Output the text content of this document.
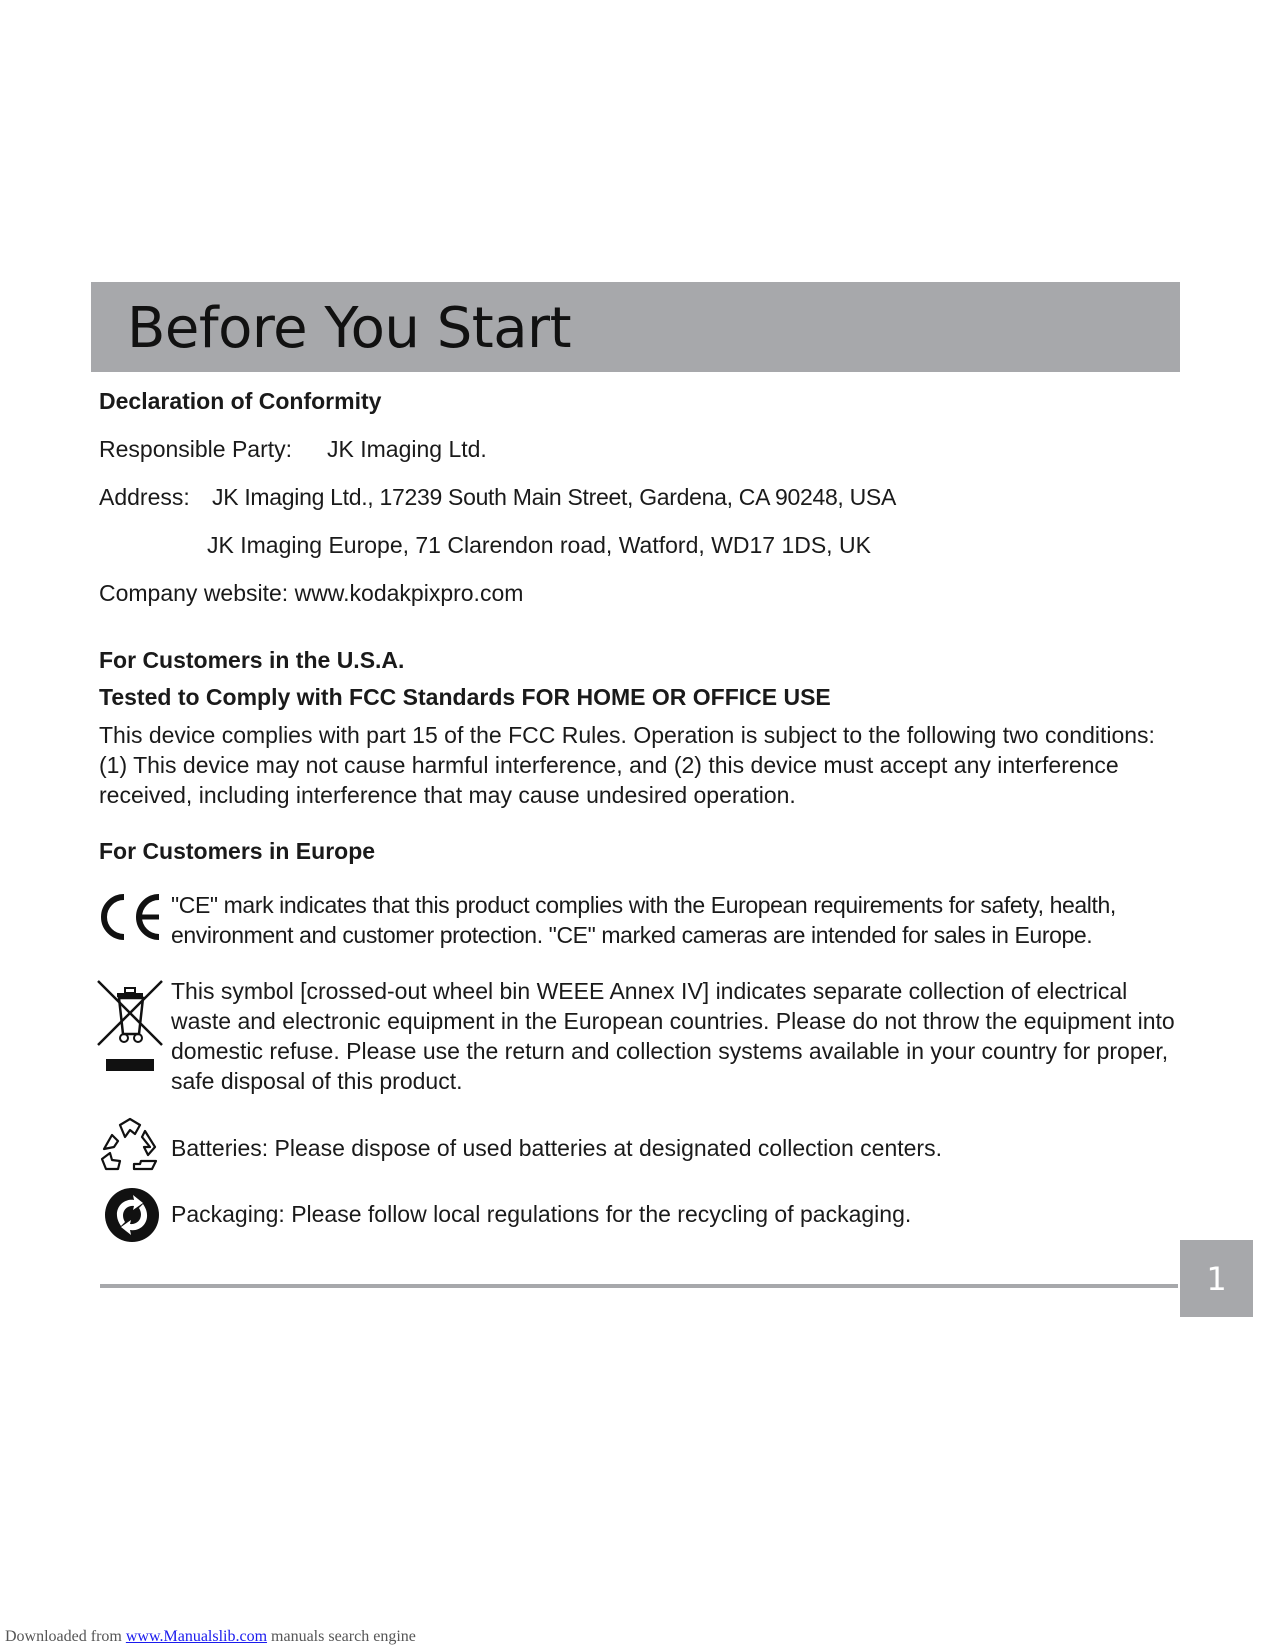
Before You Start
Declaration of Conformity
Responsible Party: JK Imaging Ltd.
Address: JK Imaging Ltd., 17239 South Main Street, Gardena, CA 90248, USA
JK Imaging Europe, 71 Clarendon road, Watford, WD17 1DS, UK
Company website: www.kodakpixpro.com
For Customers in the U.S.A.
Tested to Comply with FCC Standards FOR HOME OR OFFICE USE
This device complies with part 15 of the FCC Rules. Operation is subject to the following two conditions: (1) This device may not cause harmful interference, and (2) this device must accept any interference received, including interference that may cause undesired operation.
For Customers in Europe
"CE" mark indicates that this product complies with the European requirements for safety, health, environment and customer protection. "CE" marked cameras are intended for sales in Europe.
This symbol [crossed-out wheel bin WEEE Annex IV] indicates separate collection of electrical waste and electronic equipment in the European countries. Please do not throw the equipment into domestic refuse. Please use the return and collection systems available in your country for proper, safe disposal of this product.
Batteries: Please dispose of used batteries at designated collection centers.
Packaging: Please follow local regulations for the recycling of packaging.
1
Downloaded from www.Manualslib.com manuals search engine
